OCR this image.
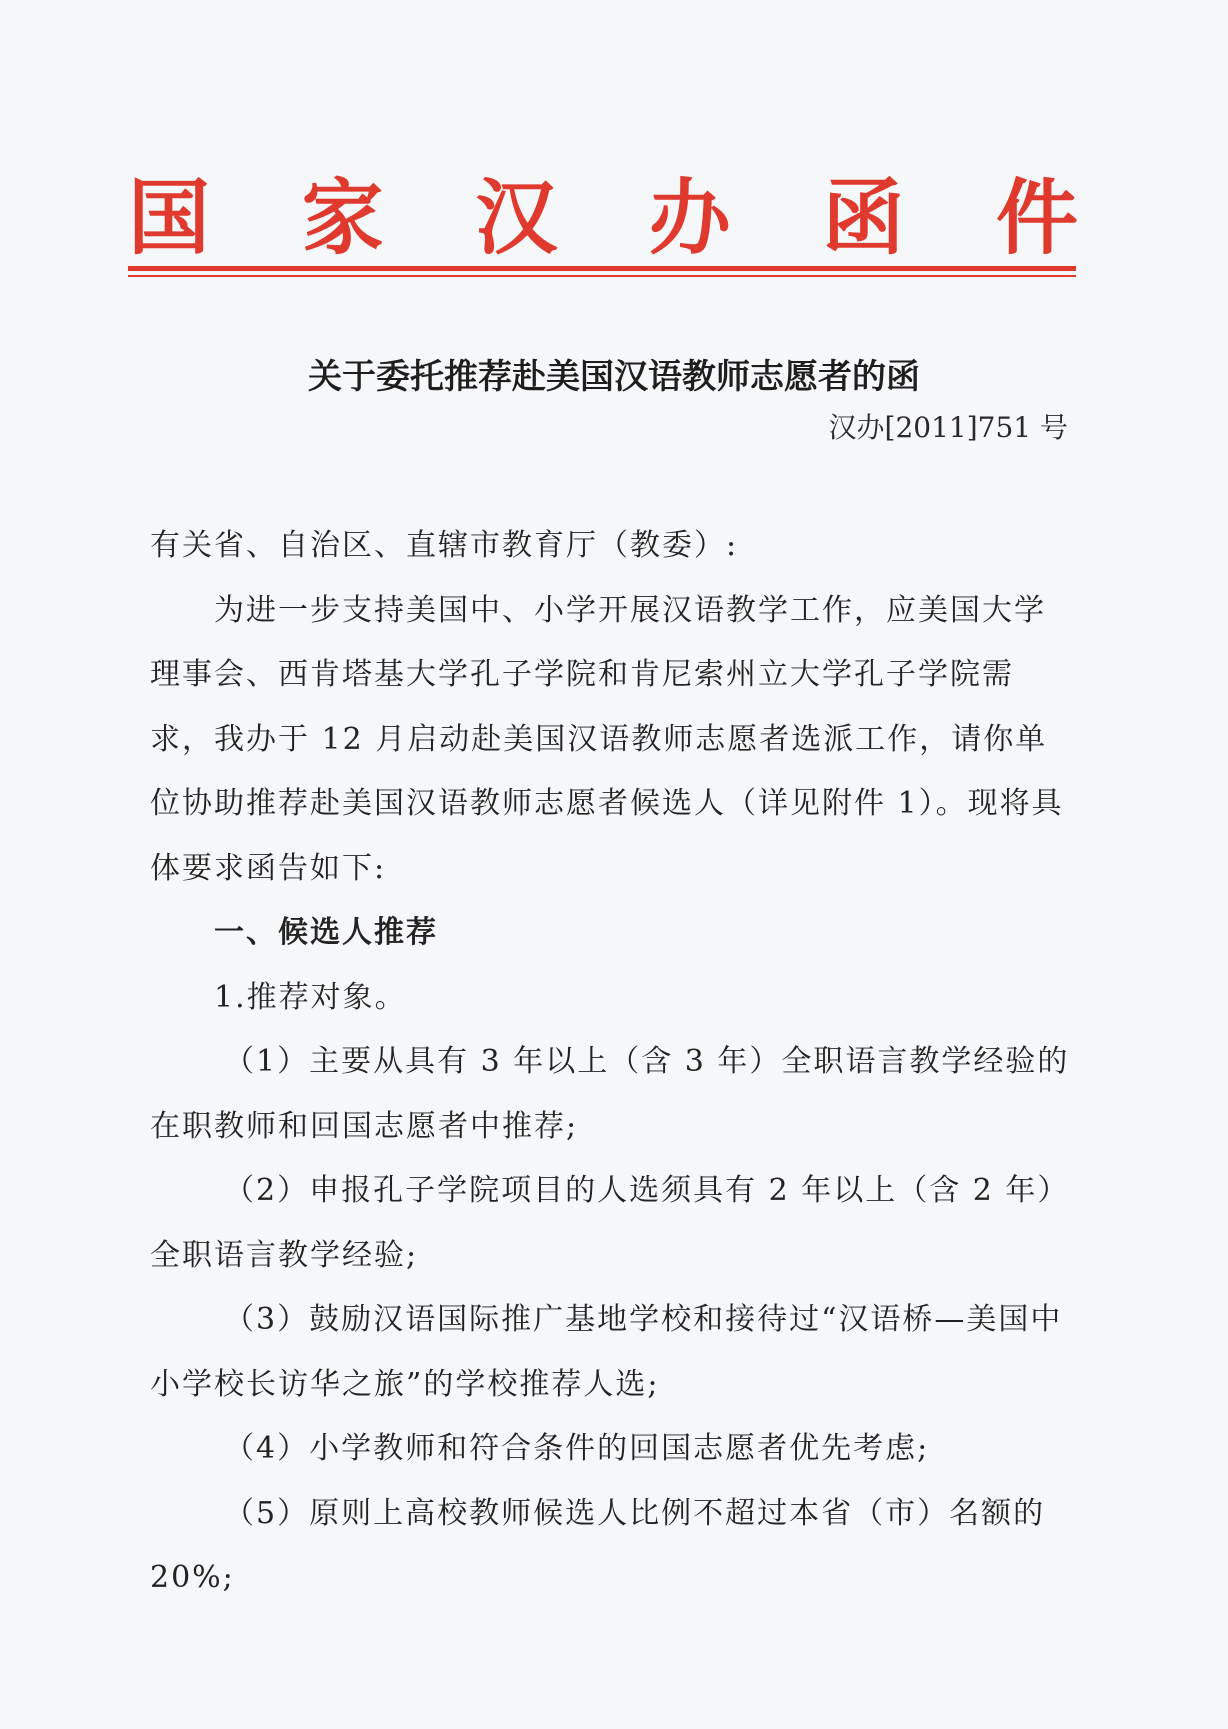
国 家 汉 办 函 件
关于委托推荐赴美国汉语教师志愿者的函
汉办[2011]751 号

有关省、自治区、直辖市教育厅（教委）:

为进一步支持美国中、小学开展汉语教学工作，应美国大学理事会、西肯塔基大学孔子学院和肯尼索州立大学孔子学院需求，我办于 12 月启动赴美国汉语教师志愿者选派工作，请你单位协助推荐赴美国汉语教师志愿者候选人（详见附件 1）。现将具体要求函告如下:

一、候选人推荐

1.推荐对象。

（1）主要从具有 3 年以上（含 3 年）全职语言教学经验的在职教师和回国志愿者中推荐;

（2）申报孔子学院项目的人选须具有 2 年以上（含 2 年）全职语言教学经验;

（3）鼓励汉语国际推广基地学校和接待过“汉语桥—美国中小学校长访华之旅”的学校推荐人选;

（4）小学教师和符合条件的回国志愿者优先考虑;

（5）原则上高校教师候选人比例不超过本省（市）名额的 20%;
